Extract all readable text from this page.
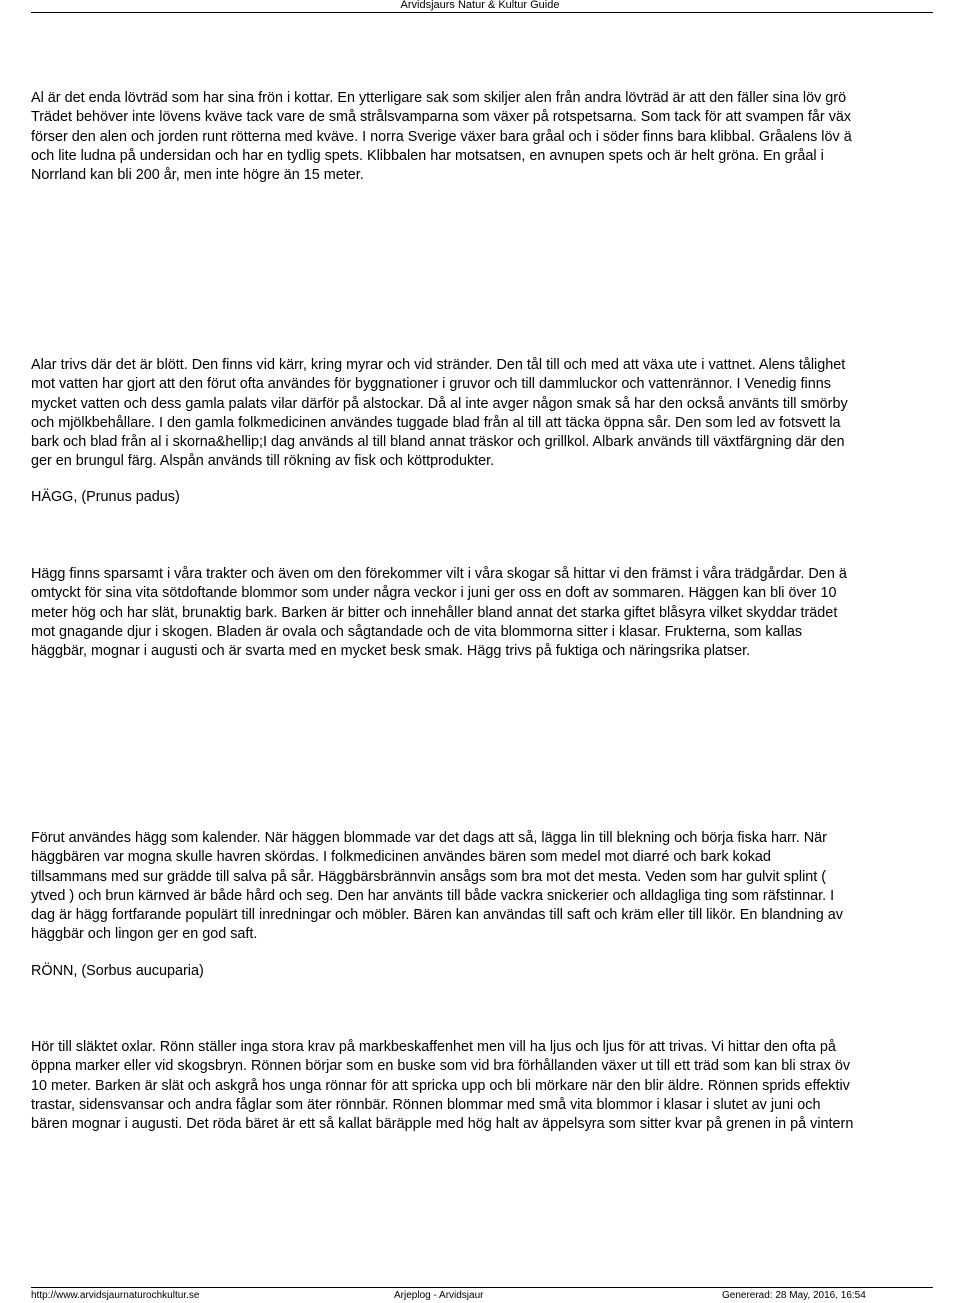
Arvidsjaurs Natur & Kultur Guide
Al är det enda lövträd som har sina frön i kottar. En ytterligare sak som skiljer alen från andra lövträd är att den fäller sina löv grö
Trädet behöver inte lövens kväve tack vare de små strålsvamparna som växer på rotspetsarna. Som tack för att svampen får väx
förser den alen och jorden runt rötterna med kväve. I norra Sverige växer bara gråal och i söder finns bara klibbal. Gråalens löv ä
och lite ludna på undersidan och har en tydlig spets. Klibbalen har motsatsen, en avnupen spets och är helt gröna. En gråal i
Norrland kan bli 200 år, men inte högre än 15 meter.
Alar trivs där det är blött. Den finns vid kärr, kring myrar och vid stränder. Den tål till och med att växa ute i vattnet. Alens tålighet
mot vatten har gjort att den förut ofta användes för byggnationer i gruvor och till dammluckor och vattenrännor. I Venedig finns
mycket vatten och dess gamla palats vilar därför på alstockar. Då al inte avger någon smak så har den också använts till smörby
och mjölkbehållare. I den gamla folkmedicinen användes tuggade blad från al till att täcka öppna sår. Den som led av fotsvett la
bark och blad från al i skorna&hellip;I dag används al till bland annat träskor och grillkol. Albark används till växtfärgning där den
ger en brungul färg. Alspån används till rökning av fisk och köttprodukter.
HÄGG, (Prunus padus)
Hägg finns sparsamt i våra trakter och även om den förekommer vilt i våra skogar så hittar vi den främst i våra trädgårdar. Den ä
omtyckt för sina vita sötdoftande blommor som under några veckor i juni ger oss en doft av sommaren. Häggen kan bli över 10
meter hög och har slät, brunaktig bark. Barken är bitter och innehåller bland annat det starka giftet blåsyra vilket skyddar trädet
mot gnagande djur i skogen. Bladen är ovala och sågtandade och de vita blommorna sitter i klasar. Frukterna, som kallas
häggbär, mognar i augusti och är svarta med en mycket besk smak. Hägg trivs på fuktiga och näringsrika platser.
Förut användes hägg som kalender. När häggen blommade var det dags att så, lägga lin till blekning och börja fiska harr. När
häggbären var mogna skulle havren skördas. I folkmedicinen användes bären som medel mot diarré och bark kokad
tillsammans med sur grädde till salva på sår. Häggbärsbrännvin ansågs som bra mot det mesta. Veden som har gulvit splint (
ytved ) och brun kärnved är både hård och seg. Den har använts till både vackra snickerier och alldagliga ting som räfstinnar. I
dag är hägg fortfarande populärt till inredningar och möbler. Bären kan användas till saft och kräm eller till likör. En blandning av
häggbär och lingon ger en god saft.
RÖNN, (Sorbus aucuparia)
Hör till släktet oxlar. Rönn ställer inga stora krav på markbeskaffenhet men vill ha ljus och ljus för att trivas. Vi hittar den ofta på
öppna marker eller vid skogsbryn. Rönnen börjar som en buske som vid bra förhållanden växer ut till ett träd som kan bli strax öv
10 meter. Barken är slät och askgrå hos unga rönnar för att spricka upp och bli mörkare när den blir äldre. Rönnen sprids effektiv
trastar, sidensvansar och andra fåglar som äter rönnbär. Rönnen blommar med små vita blommor i klasar i slutet av juni och
bären mognar i augusti. Det röda bäret är ett så kallat bäräpple med hög halt av äppelsyra som sitter kvar på grenen in på vintern
http://www.arvidsjaurnaturochkultur.se	Arjeplog - Arvidsjaur	Genererad: 28 May, 2016, 16:54
